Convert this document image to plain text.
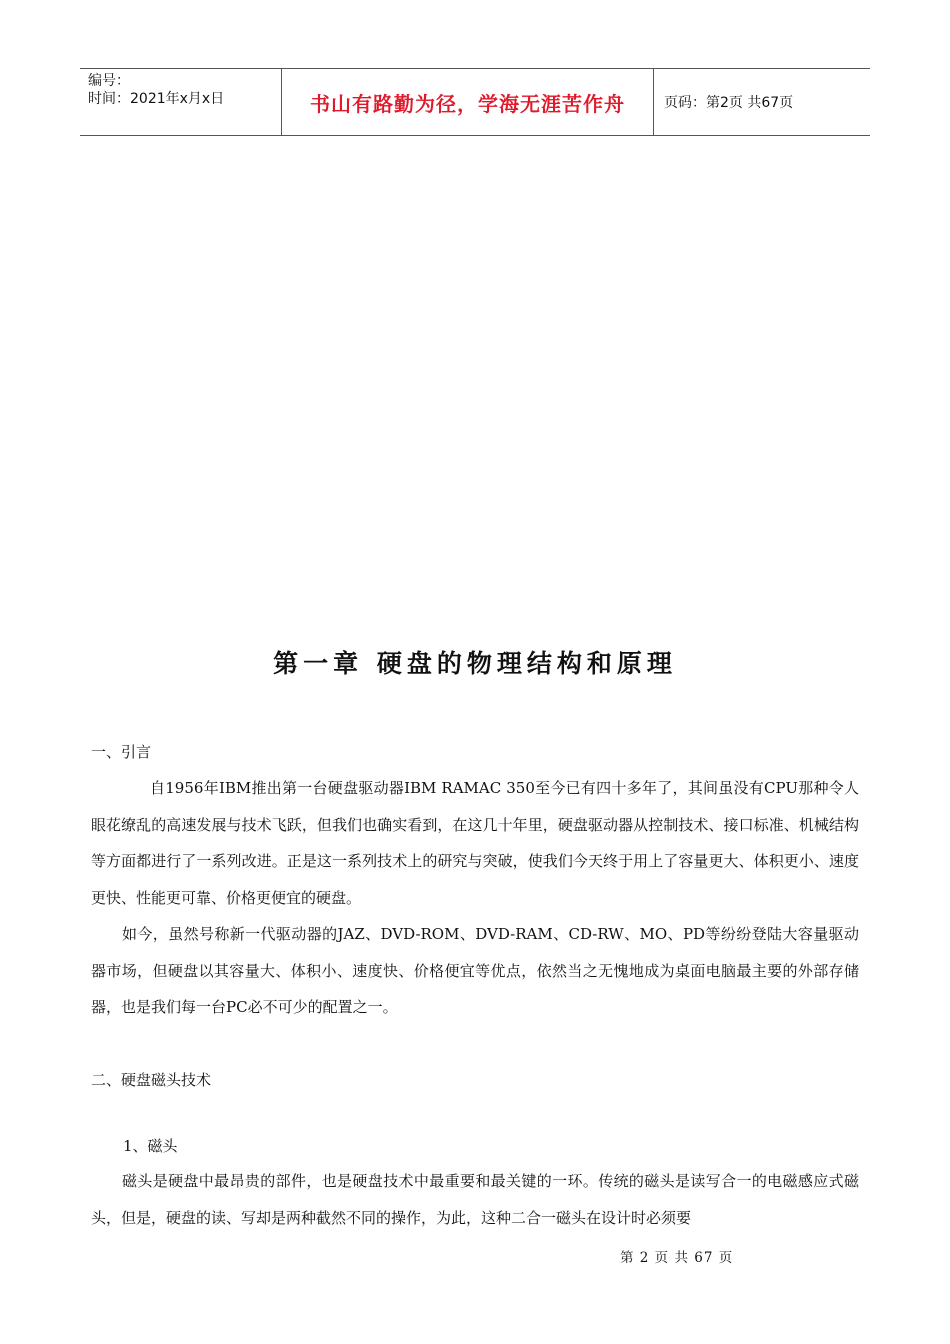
编号：
时间：2021年x月x日	书山有路勤为径，学海无涯苦作舟	页码：第2页 共67页
第一章 硬盘的物理结构和原理
一、引言
自1956年IBM推出第一台硬盘驱动器IBM RAMAC 350至今已有四十多年了，其间虽没有CPU那种令人眼花缭乱的高速发展与技术飞跃，但我们也确实看到，在这几十年里，硬盘驱动器从控制技术、接口标准、机械结构等方面都进行了一系列改进。正是这一系列技术上的研究与突破，使我们今天终于用上了容量更大、体积更小、速度更快、性能更可靠、价格更便宜的硬盘。
如今，虽然号称新一代驱动器的JAZ、DVD-ROM、DVD-RAM、CD-RW、MO、PD等纷纷登陆大容量驱动器市场，但硬盘以其容量大、体积小、速度快、价格便宜等优点，依然当之无愧地成为桌面电脑最主要的外部存储器，也是我们每一台PC必不可少的配置之一。
二、硬盘磁头技术
1、磁头
磁头是硬盘中最昂贵的部件，也是硬盘技术中最重要和最关键的一环。传统的磁头是读写合一的电磁感应式磁头，但是，硬盘的读、写却是两种截然不同的操作，为此，这种二合一磁头在设计时必须要
第 2 页 共 67 页
